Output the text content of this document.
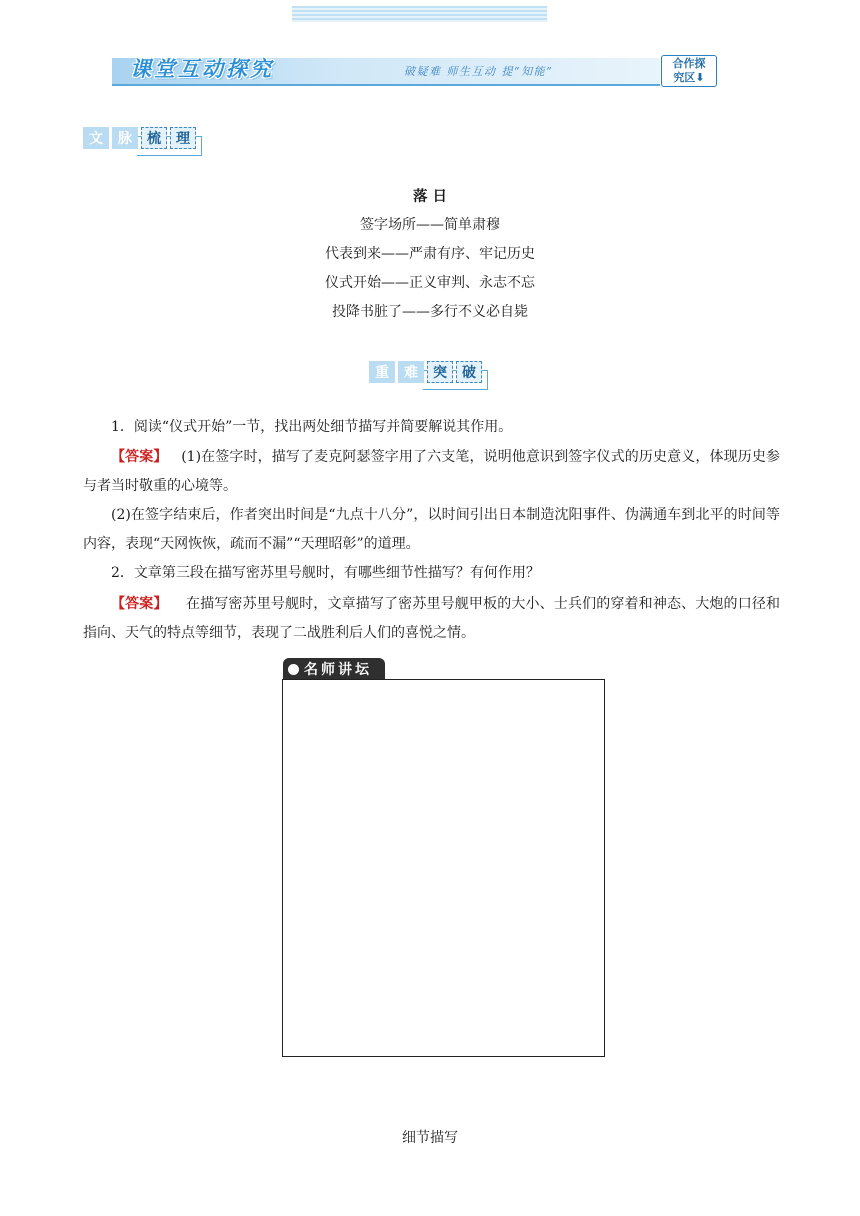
课堂互动探究	破疑难 师生互动 提“知能”
合作探
究区⬇
文	脉	梳	理
落 日
签字场所——简单肃穆
代表到来——严肃有序、牢记历史
仪式开始——正义审判、永志不忘
投降书脏了——多行不义必自毙
重	难	突	破
1．阅读“仪式开始”一节，找出两处细节描写并简要解说其作用。
【答案】 (1)在签字时，描写了麦克阿瑟签字用了六支笔，说明他意识到签字仪式的历史意义，体现历史参与者当时敬重的心境等。
(2)在签字结束后，作者突出时间是“九点十八分”，以时间引出日本制造沈阳事件、伪满通车到北平的时间等内容，表现“天网恢恢，疏而不漏”“天理昭彰”的道理。
2．文章第三段在描写密苏里号舰时，有哪些细节性描写？有何作用？
【答案】 在描写密苏里号舰时，文章描写了密苏里号舰甲板的大小、士兵们的穿着和神态、大炮的口径和指向、天气的特点等细节，表现了二战胜利后人们的喜悦之情。
名师讲坛
细节描写
